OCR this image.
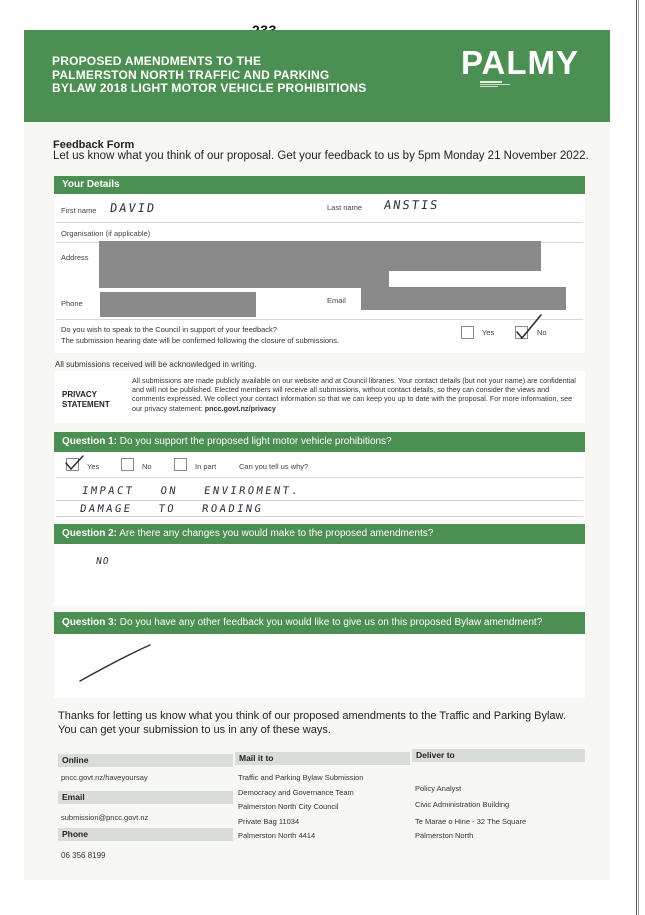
PROPOSED AMENDMENTS TO THE
PALMERSTON NORTH TRAFFIC AND PARKING
BYLAW 2018 LIGHT MOTOR VEHICLE PROHIBITIONS
PALMY
Feedback Form
Let us know what you think of our proposal. Get your feedback to us by 5pm Monday 21 November 2022.
Your Details
First name DAVID	Last name ANSTIS
Organisation (if applicable)
Address
Phone	Email
Do you wish to speak to the Council in support of your feedback?
The submission hearing date will be confirmed following the closure of submissions.
Yes	No
All submissions received will be acknowledged in writing.
PRIVACY
STATEMENT
All submissions are made publicly available on our website and at Council libraries. Your contact details (but not your name) are confidential and will not be published. Elected members will receive all submissions, without contact details, so they can consider the views and comments expressed. We collect your contact information so that we can keep you up to date with the proposal. For more information, see our privacy statement: pncc.govt.nz/privacy
Question 1: Do you support the proposed light motor vehicle prohibitions?
Yes	No	In part	Can you tell us why?
IMPACT   ON   ENVIROMENT.
DAMAGE   TO   ROADING
Question 2: Are there any changes you would make to the proposed amendments?
NO
Question 3: Do you have any other feedback you would like to give us on this proposed Bylaw amendment?
Thanks for letting us know what you think of our proposed amendments to the Traffic and Parking Bylaw.
You can get your submission to us in any of these ways.
Online
pncc.govt.nz/haveyoursay
Email
submission@pncc.govt.nz
Phone
06 356 8199
Mail it to
Traffic and Parking Bylaw Submission
Democracy and Governance Team
Palmerston North City Council
Private Bag 11034
Palmerston North 4414
Deliver to
Policy Analyst
Civic Administration Building
Te Marae o Hine - 32 The Square
Palmerston North
